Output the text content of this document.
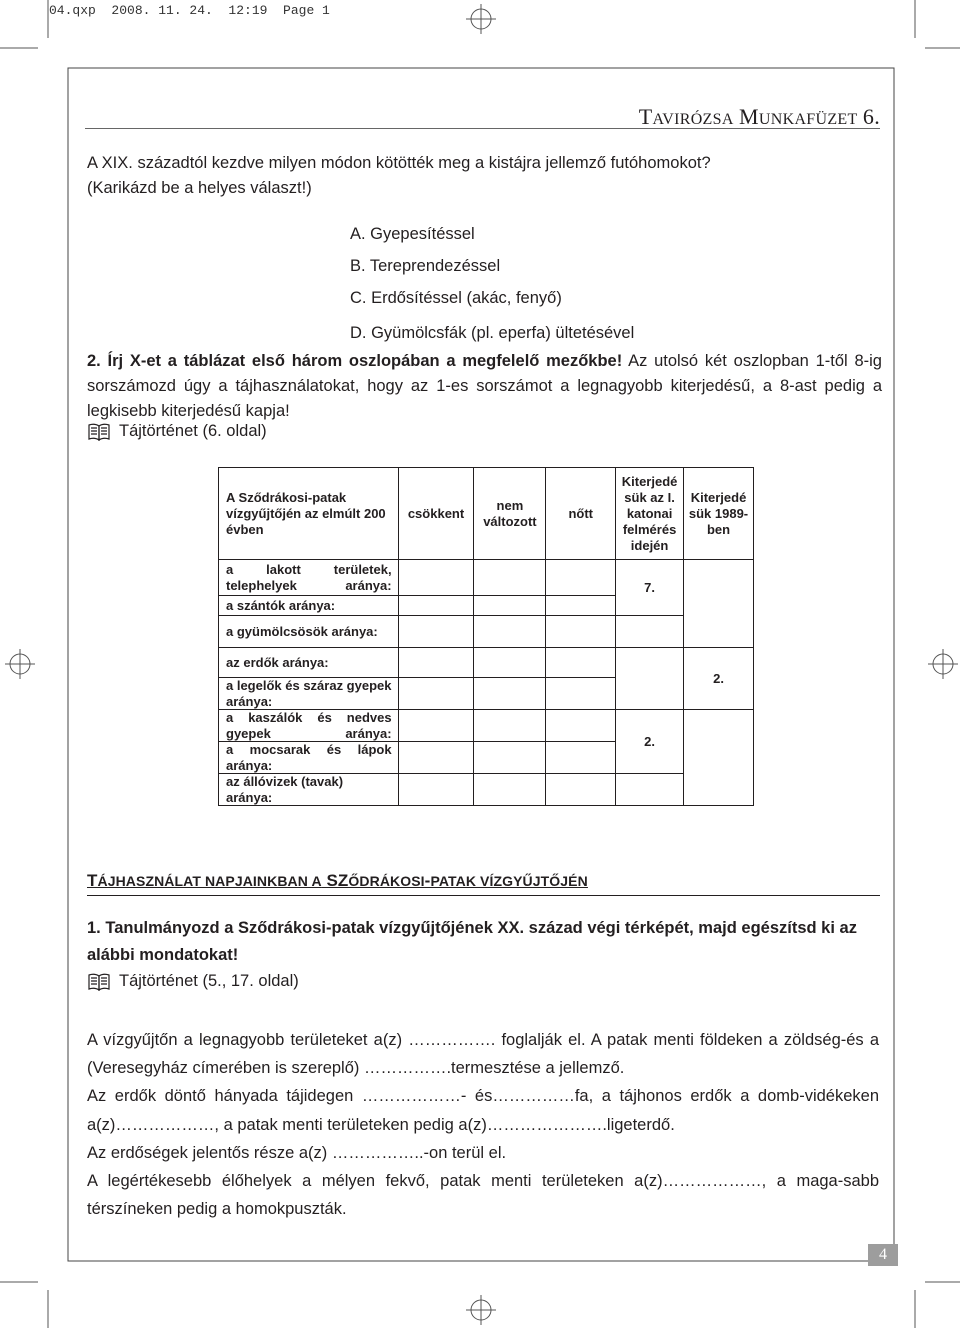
04.qxp  2008. 11. 24.  12:19  Page 1
TAVIRÓZSA MUNKAFÜZET 6.
A XIX. századtól kezdve milyen módon kötötték meg a kistájra jellemző futóhomokot?
(Karikázd be a helyes választ!)
A. Gyepesítéssel
B. Tereprendezéssel
C. Erdősítéssel (akác, fenyő)
D. Gyümölcsfák (pl. eperfa) ültetésével
2. Írj X-et a táblázat első három oszlopában a megfelelő mezőkbe! Az utolsó két oszlopban 1-től 8-ig sorszámozd úgy a tájhasználatokat, hogy az 1-es sorszámot a legnagyobb kiterjedésű, a 8-ast pedig a legkisebb kiterjedésű kapja!
Tájtörténet (6. oldal)
A Sződrákosi-patak vízgyűjtőjén az elmúlt 200 évben	csökkent	nem változott	nőtt	Kiterjedé sük az I. katonai felmérés idején	Kiterjedé sük 1989-ben
a lakott területek, telephelyek aránya:				7.	
a szántók aránya:					
a gyümölcsösök aránya:					
az erdők aránya:					2.
a legelők és száraz gyepek aránya:					
a kaszálók és nedves gyepek aránya:				2.	
a mocsarak és lápok aránya:					
az állóvizek (tavak) aránya:					
TÁJHASZNÁLAT NAPJAINKBAN A SZŐDRÁKOSI-PATAK VÍZGYŰJTŐJÉN
1. Tanulmányozd a Sződrákosi-patak vízgyűjtőjének XX. század végi térképét, majd egészítsd ki az alábbi mondatokat!
Tájtörténet (5., 17. oldal)

A vízgyűjtőn a legnagyobb területeket a(z) ……………. foglalják el. A patak menti földeken a zöldség-és a (Veresegyház címerében is szereplő) …………….termesztése a jellemző.

Az erdők döntő hányada tájidegen ………………- és……………fa, a tájhonos erdők a domb-vidékeken a(z)………………, a patak menti területeken pedig a(z)………………….ligeterdő.

Az erdőségek jelentős része a(z) ……………..-on terül el.

A legértékesebb élőhelyek a mélyen fekvő, patak menti területeken a(z)………………, a maga-sabb térszíneken pedig a homokpuszták.

4
